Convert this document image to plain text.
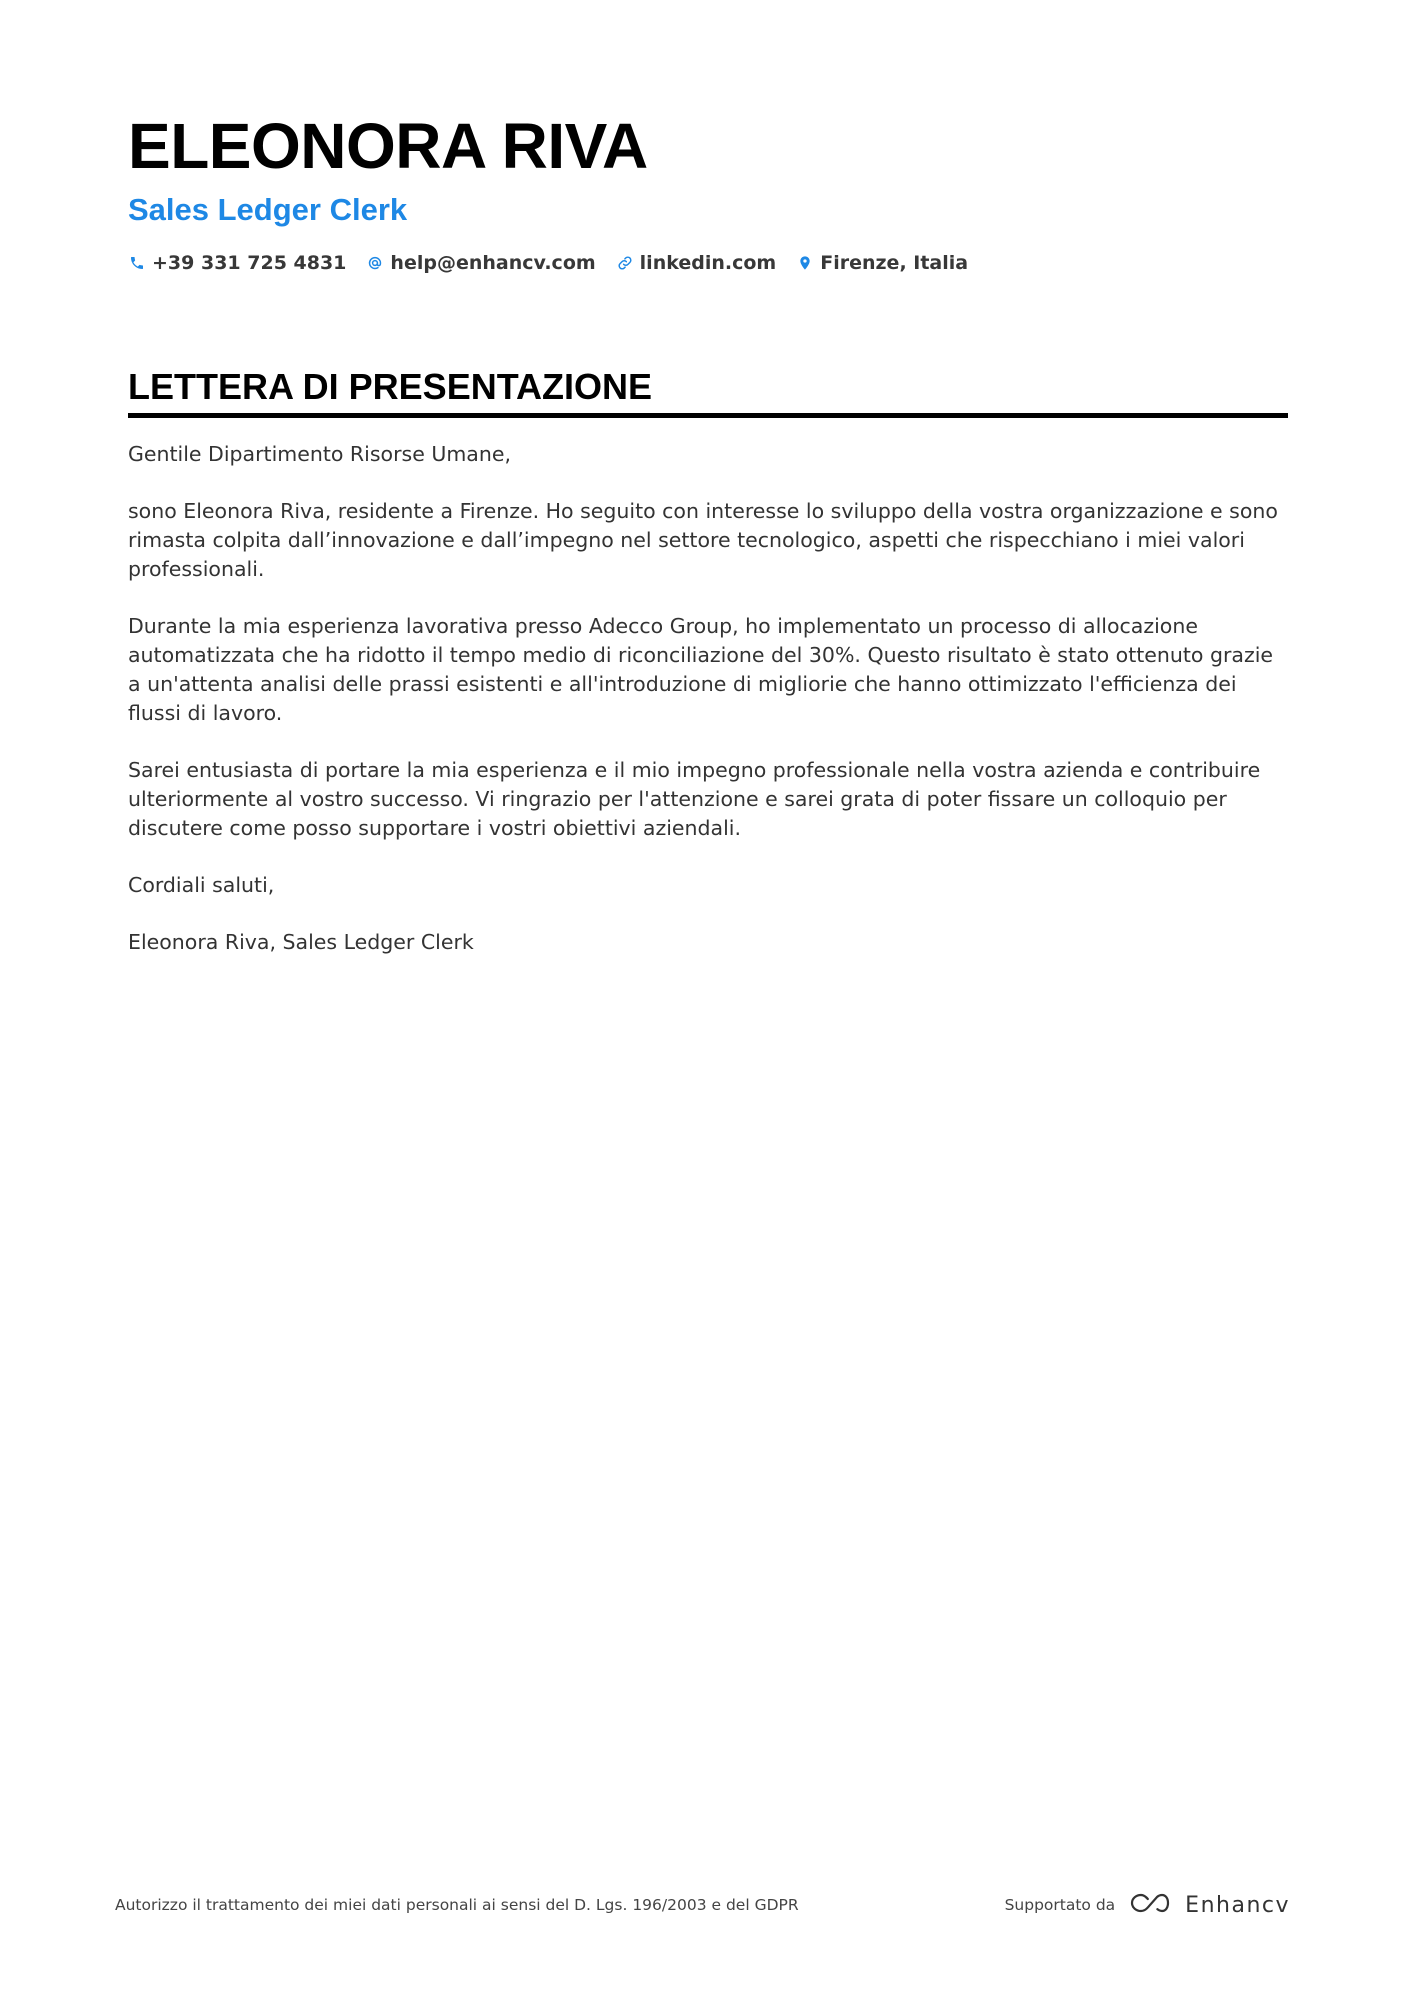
ELEONORA RIVA
Sales Ledger Clerk
+39 331 725 4831 help@enhancv.com linkedin.com Firenze, Italia
LETTERA DI PRESENTAZIONE

Gentile Dipartimento Risorse Umane,

sono Eleonora Riva, residente a Firenze. Ho seguito con interesse lo sviluppo della vostra organizzazione e sono rimasta colpita dall’innovazione e dall’impegno nel settore tecnologico, aspetti che rispecchiano i miei valori professionali.

Durante la mia esperienza lavorativa presso Adecco Group, ho implementato un processo di allocazione automatizzata che ha ridotto il tempo medio di riconciliazione del 30%. Questo risultato è stato ottenuto grazie a un'attenta analisi delle prassi esistenti e all'introduzione di migliorie che hanno ottimizzato l'efficienza dei flussi di lavoro.

Sarei entusiasta di portare la mia esperienza e il mio impegno professionale nella vostra azienda e contribuire ulteriormente al vostro successo. Vi ringrazio per l'attenzione e sarei grata di poter fissare un colloquio per discutere come posso supportare i vostri obiettivi aziendali.

Cordiali saluti,

Eleonora Riva, Sales Ledger Clerk

Autorizzo il trattamento dei miei dati personali ai sensi del D. Lgs. 196/2003 e del GDPR	Supportato da	Enhancv
